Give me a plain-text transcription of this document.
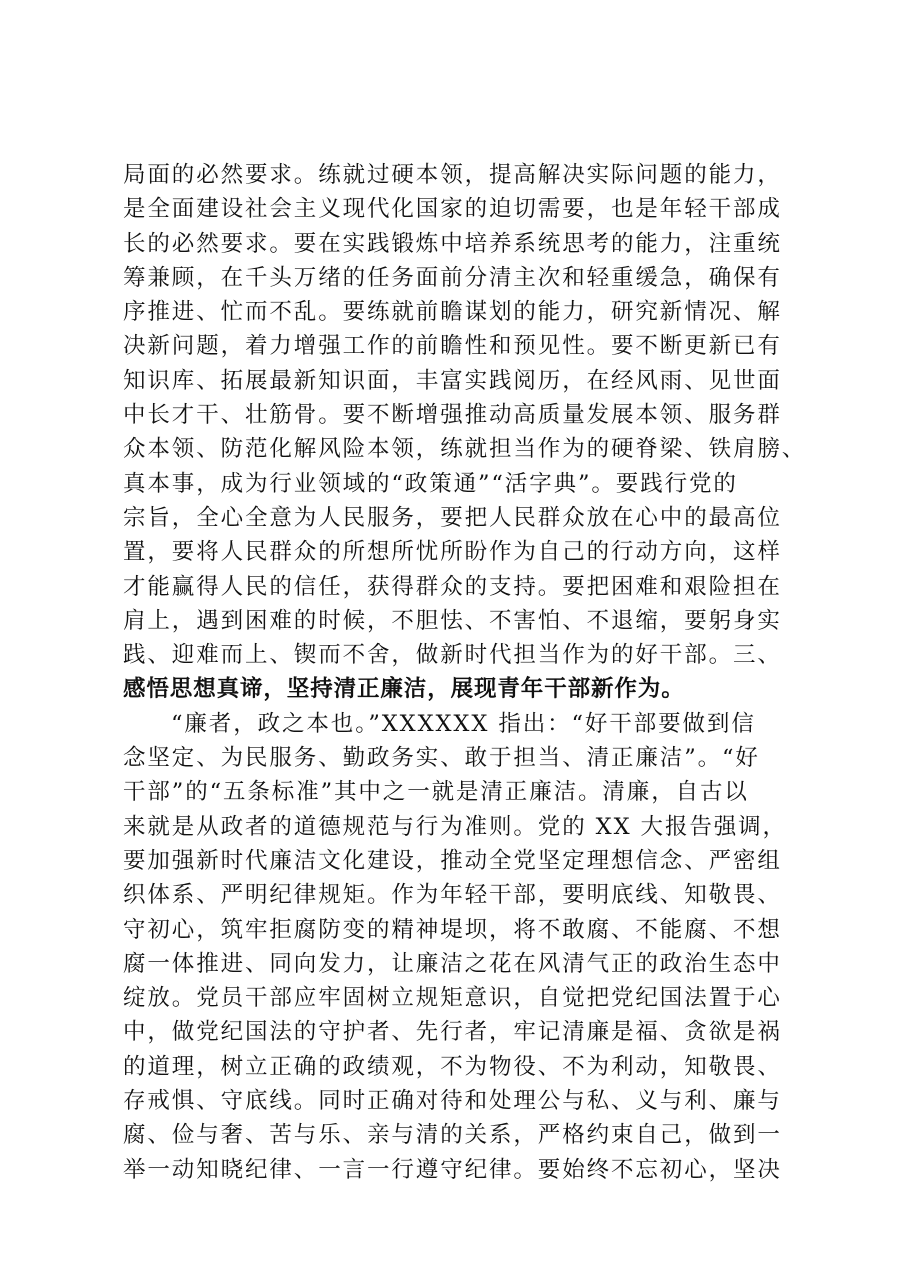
局面的必然要求。练就过硬本领，提高解决实际问题的能力，
是全面建设社会主义现代化国家的迫切需要，也是年轻干部成
长的必然要求。要在实践锻炼中培养系统思考的能力，注重统
筹兼顾，在千头万绪的任务面前分清主次和轻重缓急，确保有
序推进、忙而不乱。要练就前瞻谋划的能力，研究新情况、解
决新问题，着力增强工作的前瞻性和预见性。要不断更新已有
知识库、拓展最新知识面，丰富实践阅历，在经风雨、见世面
中长才干、壮筋骨。要不断增强推动高质量发展本领、服务群
众本领、防范化解风险本领，练就担当作为的硬脊梁、铁肩膀、
真本事，成为行业领域的“政策通”“活字典”。要践行党的
宗旨，全心全意为人民服务，要把人民群众放在心中的最高位
置，要将人民群众的所想所忧所盼作为自己的行动方向，这样
才能赢得人民的信任，获得群众的支持。要把困难和艰险担在
肩上，遇到困难的时候，不胆怯、不害怕、不退缩，要躬身实
践、迎难而上、锲而不舍，做新时代担当作为的好干部。三、
感悟思想真谛，坚持清正廉洁，展现青年干部新作为。
“廉者，政之本也。”XXXXXX 指出：“好干部要做到信
念坚定、为民服务、勤政务实、敢于担当、清正廉洁”。“好
干部”的“五条标准”其中之一就是清正廉洁。清廉，自古以
来就是从政者的道德规范与行为准则。党的 XX 大报告强调，
要加强新时代廉洁文化建设，推动全党坚定理想信念、严密组
织体系、严明纪律规矩。作为年轻干部，要明底线、知敬畏、
守初心，筑牢拒腐防变的精神堤坝，将不敢腐、不能腐、不想
腐一体推进、同向发力，让廉洁之花在风清气正的政治生态中
绽放。党员干部应牢固树立规矩意识，自觉把党纪国法置于心
中，做党纪国法的守护者、先行者，牢记清廉是福、贪欲是祸
的道理，树立正确的政绩观，不为物役、不为利动，知敬畏、
存戒惧、守底线。同时正确对待和处理公与私、义与利、廉与
腐、俭与奢、苦与乐、亲与清的关系，严格约束自己，做到一
举一动知晓纪律、一言一行遵守纪律。要始终不忘初心，坚决
